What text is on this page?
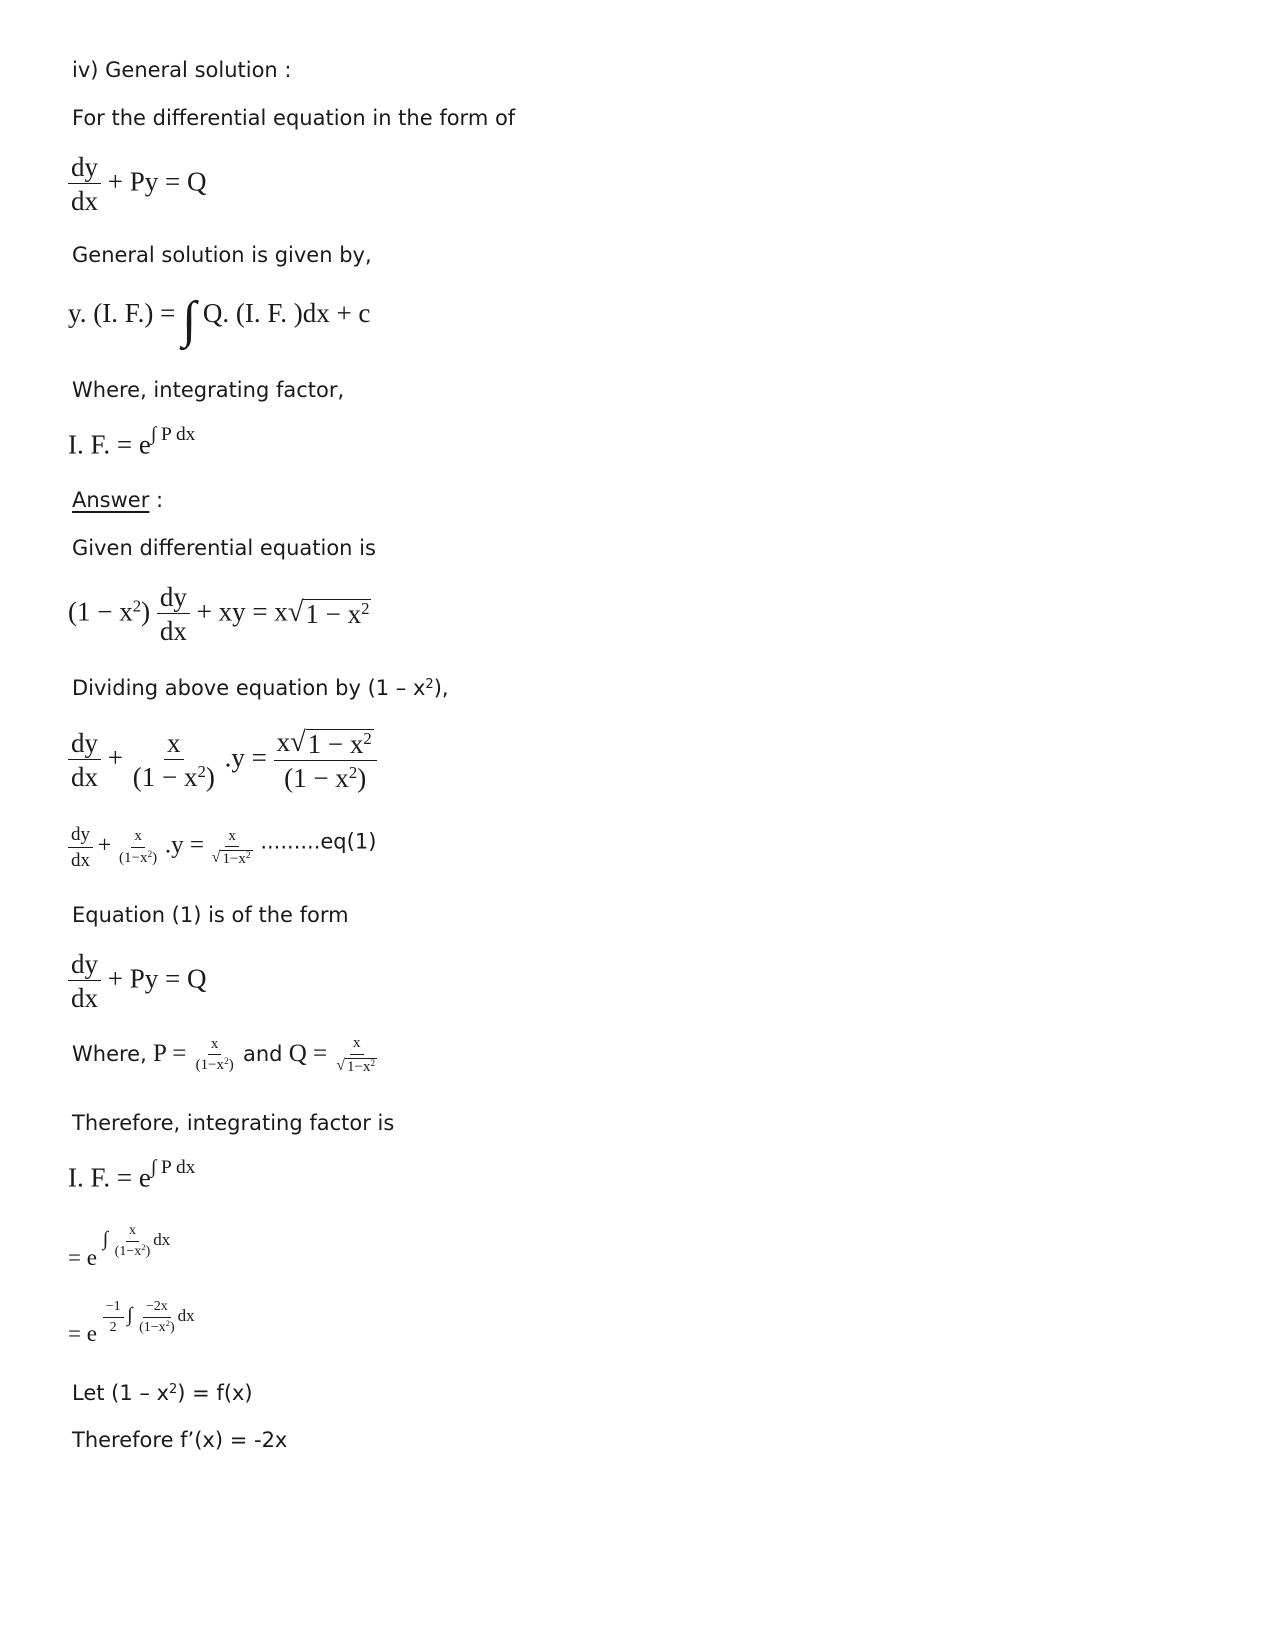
iv) General solution :
For the differential equation in the form of
$\frac{dy}{dx} + Py = Q$
General solution is given by,
y. (I. F.) = ∫ Q. (I. F. )dx + c
Where, integrating factor,
I. F. = e∫ P dx
Answer :
Given differential equation is
$(1 - x^2) \frac{dy}{dx}$ + xy = x √ $1 - x^2$
Dividing above equation by $(1 - x^2)$,
$\frac{dy}{dx} + \frac{x}{(1 - x^2)} .y = \frac{x √ 1 - x^2}{(1 - x^2)}$
$\frac{dy}{dx} + \frac{x}{(1-x^2)} .y = \frac{x}{√ 1-x^2} .........eq(1)$
Equation (1) is of the form
$\frac{dy}{dx} + Py = Q$
Where, $P = \frac{x}{(1-x^2)}$ and $Q = \frac{x}{√ 1-x^2}$
Therefore, integrating factor is
I. F. = e∫ P dx
= e ∫ $\frac{x}{(1-x^2)}$ dx
= e $\frac{-1}{2}$ ∫ $\frac{-2x}{(1-x^2)}$ dx
Let $(1 - x^2) = f(x)$
Therefore f’(x) = -2x
